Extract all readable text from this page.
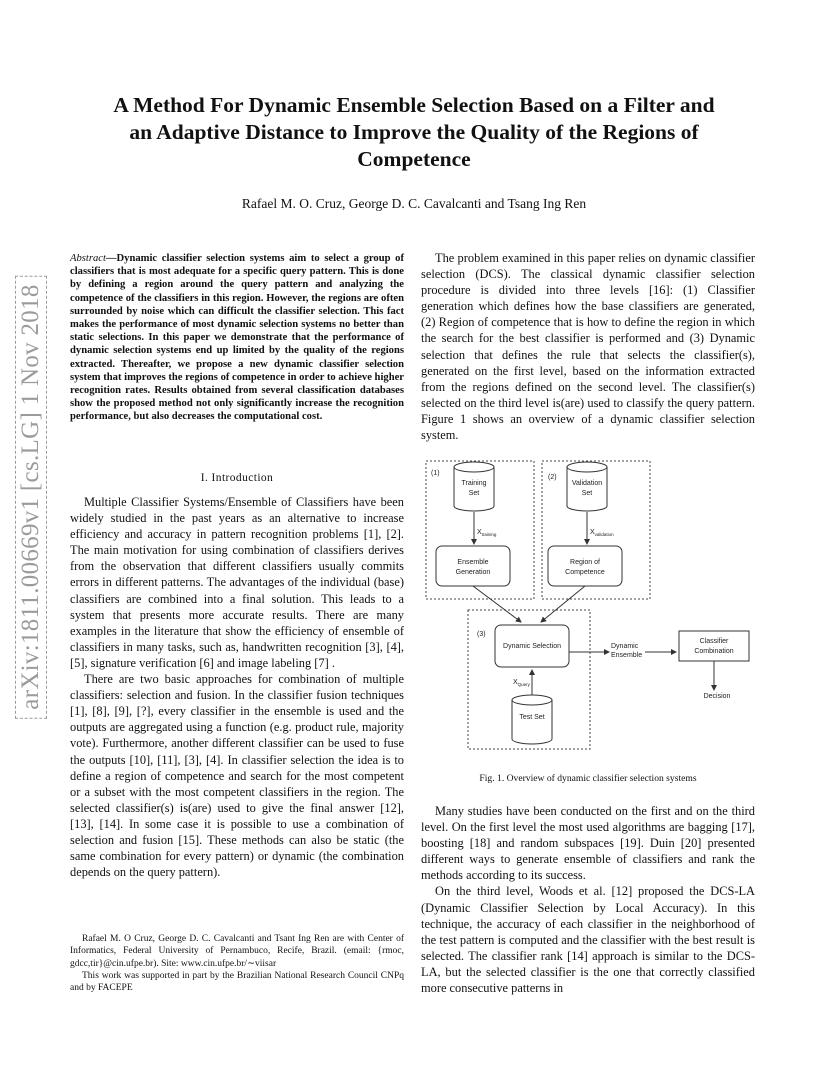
A Method For Dynamic Ensemble Selection Based on a Filter and
an Adaptive Distance to Improve the Quality of the Regions of
Competence
Rafael M. O. Cruz, George D. C. Cavalcanti and Tsang Ing Ren
arXiv:1811.00669v1 [cs.LG] 1 Nov 2018
Abstract—Dynamic classifier selection systems aim to select a group of classifiers that is most adequate for a specific query pattern. This is done by defining a region around the query pattern and analyzing the competence of the classifiers in this region. However, the regions are often surrounded by noise which can difficult the classifier selection. This fact makes the performance of most dynamic selection systems no better than static selections. In this paper we demonstrate that the performance of dynamic selection systems end up limited by the quality of the regions extracted. Thereafter, we propose a new dynamic classifier selection system that improves the regions of competence in order to achieve higher recognition rates. Results obtained from several classification databases show the proposed method not only significantly increase the recognition performance, but also decreases the computational cost.
I. Introduction

Multiple Classifier Systems/Ensemble of Classifiers have been widely studied in the past years as an alternative to increase efficiency and accuracy in pattern recognition problems [1], [2]. The main motivation for using combination of classifiers derives from the observation that different classifiers usually commits errors in different patterns. The advantages of the individual (base) classifiers are combined into a final solution. This leads to a system that presents more accurate results. There are many examples in the literature that show the efficiency of ensemble of classifiers in many tasks, such as, handwritten recognition [3], [4], [5], signature verification [6] and image labeling [7] .

There are two basic approaches for combination of multiple classifiers: selection and fusion. In the classifier fusion techniques [1], [8], [9], [?], every classifier in the ensemble is used and the outputs are aggregated using a function (e.g. product rule, majority vote). Furthermore, another different classifier can be used to fuse the outputs [10], [11], [3], [4]. In classifier selection the idea is to define a region of competence and search for the most competent or a subset with the most competent classifiers in the region. The selected classifier(s) is(are) used to give the final answer [12], [13], [14]. In some case it is possible to use a combination of selection and fusion [15]. These methods can also be static (the same combination for every pattern) or dynamic (the combination depends on the query pattern).

Rafael M. O Cruz, George D. C. Cavalcanti and Tsant Ing Ren are with Center of Informatics, Federal University of Pernambuco, Recife, Brazil. (email: {rmoc, gdcc,tir}@cin.ufpe.br). Site: www.cin.ufpe.br/∼viisar

This work was supported in part by the Brazilian National Research Council CNPq and by FACEPE

The problem examined in this paper relies on dynamic classifier selection (DCS). The classical dynamic classifier selection procedure is divided into three levels [16]: (1) Classifier generation which defines how the base classifiers are generated, (2) Region of competence that is how to define the region in which the search for the best classifier is performed and (3) Dynamic selection that defines the rule that selects the classifier(s), generated on the first level, based on the information extracted from the regions defined on the second level. The classifier(s) selected on the third level is(are) used to classify the query pattern. Figure 1 shows an overview of a dynamic classifier selection system.

(1)
(2)
(3)
Training
Set
Validation
Set
$X_{training}$	$X_{validation}$
Ensemble
Generation
Region of
Competence
Dynamic Selection	Dynamic
Ensemble
Classifier
Combination
Decision
$X_{Query}$
Test Set
Fig. 1. Overview of dynamic classifier selection systems

Many studies have been conducted on the first and on the third level. On the first level the most used algorithms are bagging [17], boosting [18] and random subspaces [19]. Duin [20] presented different ways to generate ensemble of classifiers and rank the methods according to its success.

On the third level, Woods et al. [12] proposed the DCS-LA (Dynamic Classifier Selection by Local Accuracy). In this technique, the accuracy of each classifier in the neighborhood of the test pattern is computed and the classifier with the best result is selected. The classifier rank [14] approach is similar to the DCS-LA, but the selected classifier is the one that correctly classified more consecutive patterns in
